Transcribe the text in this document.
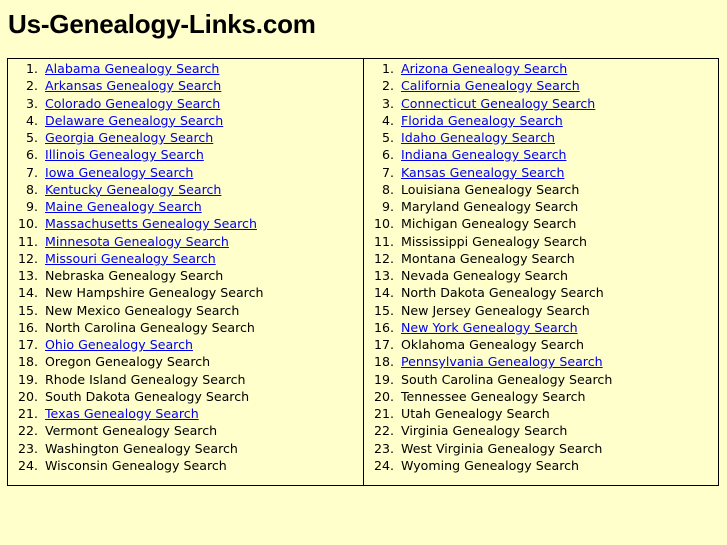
Us-Genealogy-Links.com
1. Alabama Genealogy Search
2. Arkansas Genealogy Search
3. Colorado Genealogy Search
4. Delaware Genealogy Search
5. Georgia Genealogy Search
6. Illinois Genealogy Search
7. Iowa Genealogy Search
8. Kentucky Genealogy Search
9. Maine Genealogy Search
10. Massachusetts Genealogy Search
11. Minnesota Genealogy Search
12. Missouri Genealogy Search
13. Nebraska Genealogy Search
14. New Hampshire Genealogy Search
15. New Mexico Genealogy Search
16. North Carolina Genealogy Search
17. Ohio Genealogy Search
18. Oregon Genealogy Search
19. Rhode Island Genealogy Search
20. South Dakota Genealogy Search
21. Texas Genealogy Search
22. Vermont Genealogy Search
23. Washington Genealogy Search
24. Wisconsin Genealogy Search
1. Arizona Genealogy Search
2. California Genealogy Search
3. Connecticut Genealogy Search
4. Florida Genealogy Search
5. Idaho Genealogy Search
6. Indiana Genealogy Search
7. Kansas Genealogy Search
8. Louisiana Genealogy Search
9. Maryland Genealogy Search
10. Michigan Genealogy Search
11. Mississippi Genealogy Search
12. Montana Genealogy Search
13. Nevada Genealogy Search
14. North Dakota Genealogy Search
15. New Jersey Genealogy Search
16. New York Genealogy Search
17. Oklahoma Genealogy Search
18. Pennsylvania Genealogy Search
19. South Carolina Genealogy Search
20. Tennessee Genealogy Search
21. Utah Genealogy Search
22. Virginia Genealogy Search
23. West Virginia Genealogy Search
24. Wyoming Genealogy Search
